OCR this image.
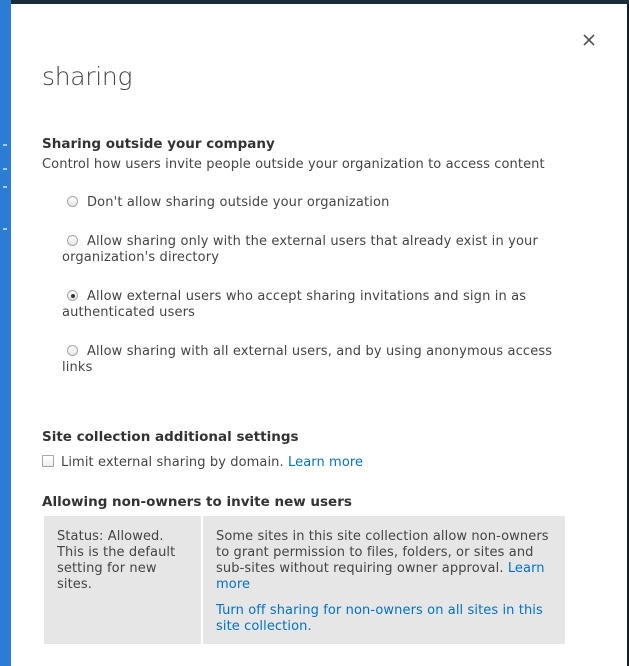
sharing
Sharing outside your company
Control how users invite people outside your organization to access content
Don't allow sharing outside your organization
Allow sharing only with the external users that already exist in your organization's directory
Allow external users who accept sharing invitations and sign in as authenticated users
Allow sharing with all external users, and by using anonymous access links
Site collection additional settings
Limit external sharing by domain. Learn more
Allowing non-owners to invite new users
Status: Allowed. This is the default setting for new sites.
Some sites in this site collection allow non-owners to grant permission to files, folders, or sites and sub-sites without requiring owner approval. Learn more
Turn off sharing for non-owners on all sites in this site collection.
